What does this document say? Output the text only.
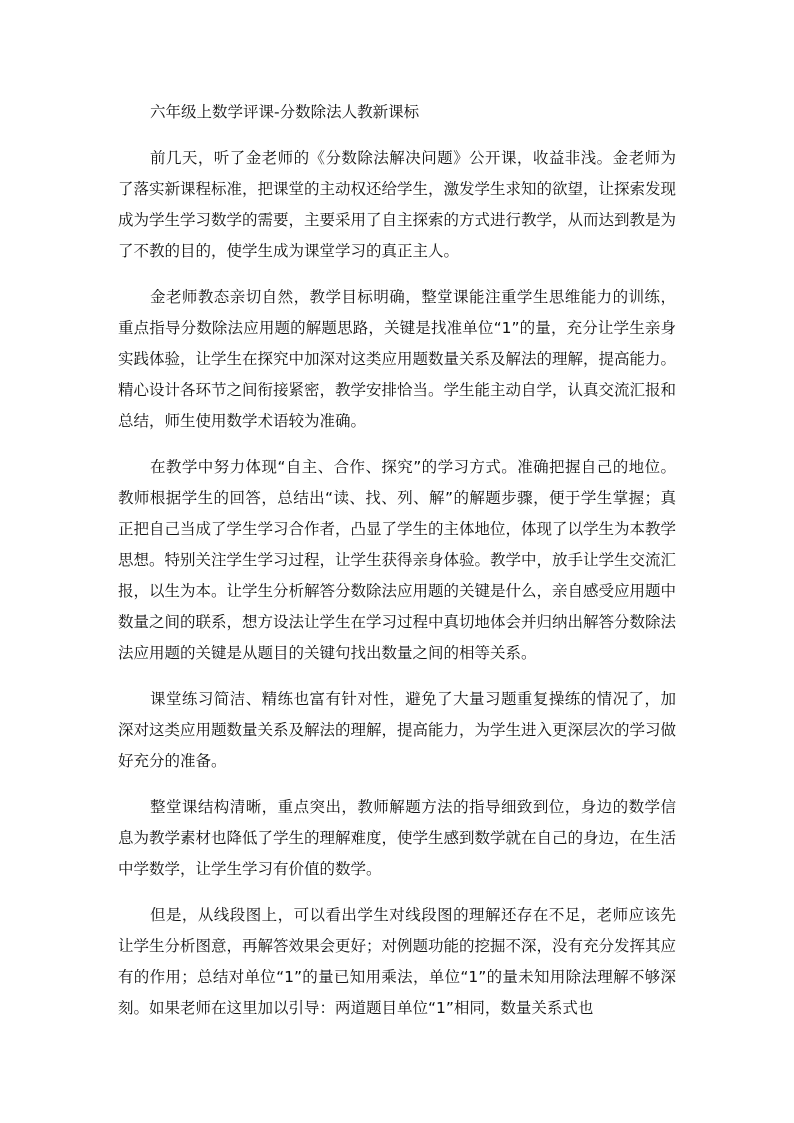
六年级上数学评课-分数除法人教新课标

前几天，听了金老师的《分数除法解决问题》公开课，收益非浅。金老师为了落实新课程标准，把课堂的主动权还给学生，激发学生求知的欲望，让探索发现成为学生学习数学的需要，主要采用了自主探索的方式进行教学，从而达到教是为了不教的目的，使学生成为课堂学习的真正主人。

金老师教态亲切自然，教学目标明确，整堂课能注重学生思维能力的训练，重点指导分数除法应用题的解题思路，关键是找准单位“1”的量，充分让学生亲身实践体验，让学生在探究中加深对这类应用题数量关系及解法的理解，提高能力。精心设计各环节之间衔接紧密，教学安排恰当。学生能主动自学，认真交流汇报和总结，师生使用数学术语较为准确。

在教学中努力体现“自主、合作、探究”的学习方式。准确把握自己的地位。教师根据学生的回答，总结出“读、找、列、解”的解题步骤，便于学生掌握；真正把自己当成了学生学习合作者，凸显了学生的主体地位，体现了以学生为本教学思想。特别关注学生学习过程，让学生获得亲身体验。教学中，放手让学生交流汇报，以生为本。让学生分析解答分数除法应用题的关键是什么，亲自感受应用题中数量之间的联系，想方设法让学生在学习过程中真切地体会并归纳出解答分数除法法应用题的关键是从题目的关键句找出数量之间的相等关系。

课堂练习简洁、精练也富有针对性，避免了大量习题重复操练的情况了，加深对这类应用题数量关系及解法的理解，提高能力，为学生进入更深层次的学习做好充分的准备。

整堂课结构清晰，重点突出，教师解题方法的指导细致到位，身边的数学信息为教学素材也降低了学生的理解难度，使学生感到数学就在自己的身边，在生活中学数学，让学生学习有价值的数学。

但是，从线段图上，可以看出学生对线段图的理解还存在不足，老师应该先让学生分析图意，再解答效果会更好；对例题功能的挖掘不深，没有充分发挥其应有的作用；总结对单位“1”的量已知用乘法，单位“1”的量未知用除法理解不够深刻。如果老师在这里加以引导：两道题目单位“1”相同，数量关系式也
